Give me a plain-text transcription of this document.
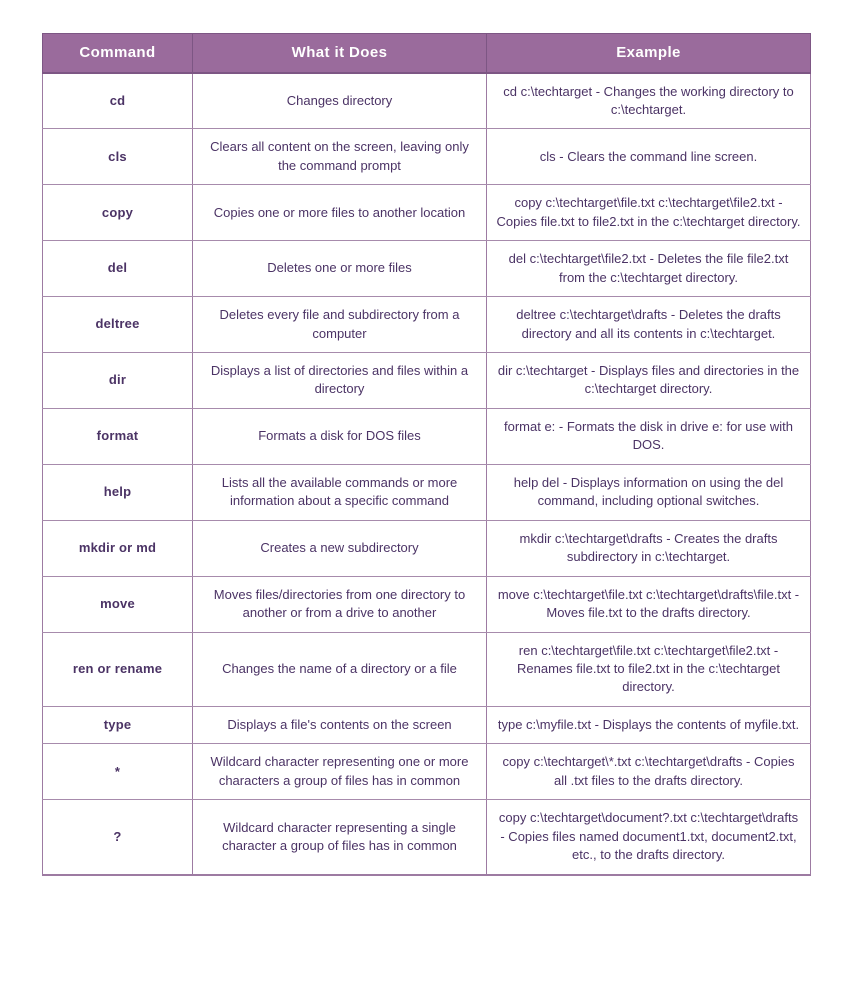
Command	What it Does	Example
cd	Changes directory	cd c:\techtarget - Changes the working directory to c:\techtarget.
cls	Clears all content on the screen, leaving only the command prompt	cls - Clears the command line screen.
copy	Copies one or more files to another location	copy c:\techtarget\file.txt c:\techtarget\file2.txt - Copies file.txt to file2.txt in the c:\techtarget directory.
del	Deletes one or more files	del c:\techtarget\file2.txt - Deletes the file file2.txt from the c:\techtarget directory.
deltree	Deletes every file and subdirectory from a computer	deltree c:\techtarget\drafts - Deletes the drafts directory and all its contents in c:\techtarget.
dir	Displays a list of directories and files within a directory	dir c:\techtarget - Displays files and directories in the c:\techtarget directory.
format	Formats a disk for DOS files	format e: - Formats the disk in drive e: for use with DOS.
help	Lists all the available commands or more information about a specific command	help del - Displays information on using the del command, including optional switches.
mkdir or md	Creates a new subdirectory	mkdir c:\techtarget\drafts - Creates the drafts subdirectory in c:\techtarget.
move	Moves files/directories from one directory to another or from a drive to another	move c:\techtarget\file.txt c:\techtarget\drafts\file.txt - Moves file.txt to the drafts directory.
ren or rename	Changes the name of a directory or a file	ren c:\techtarget\file.txt c:\techtarget\file2.txt - Renames file.txt to file2.txt in the c:\techtarget directory.
type	Displays a file's contents on the screen	type c:\myfile.txt - Displays the contents of myfile.txt.
*	Wildcard character representing one or more characters a group of files has in common	copy c:\techtarget\*.txt c:\techtarget\drafts - Copies all .txt files to the drafts directory.
?	Wildcard character representing a single character a group of files has in common	copy c:\techtarget\document?.txt c:\techtarget\drafts - Copies files named document1.txt, document2.txt, etc., to the drafts directory.
